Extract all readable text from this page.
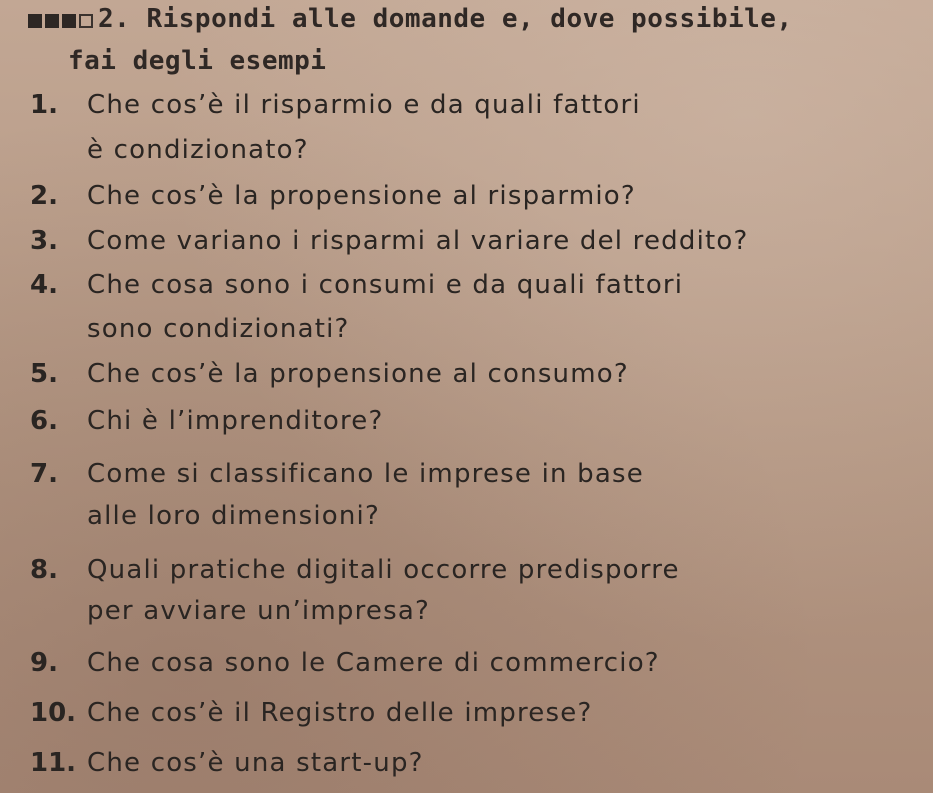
2. Rispondi alle domande e, dove possibile,
fai degli esempi
1. Che cos’è il risparmio e da quali fattori
è condizionato?
2. Che cos’è la propensione al risparmio?
3. Come variano i risparmi al variare del reddito?
4. Che cosa sono i consumi e da quali fattori
sono condizionati?
5. Che cos’è la propensione al consumo?
6. Chi è l’imprenditore?
7. Come si classificano le imprese in base
alle loro dimensioni?
8. Quali pratiche digitali occorre predisporre
per avviare un’impresa?
9. Che cosa sono le Camere di commercio?
10. Che cos’è il Registro delle imprese?
11. Che cos’è una start-up?
